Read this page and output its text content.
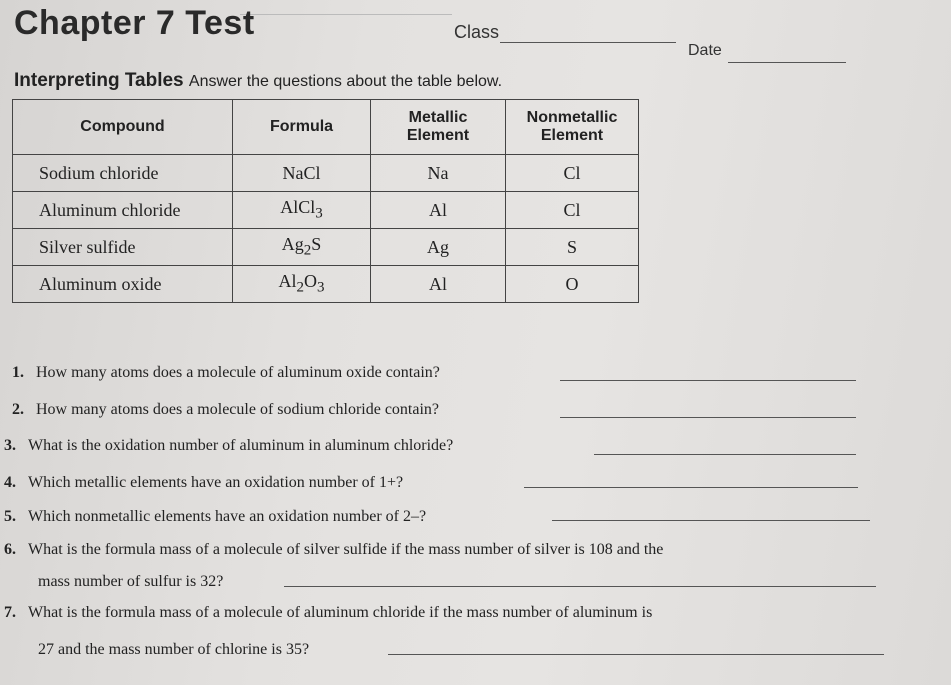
Chapter 7 Test	Class
Date
Interpreting Tables Answer the questions about the table below.
Compound	Formula	Metallic Element	Nonmetallic Element
Sodium chloride	NaCl	Na	Cl
Aluminum chloride	AlCl$_3$	Al	Cl
Silver sulfide	$Ag_2S$	Ag	S
Aluminum oxide	$Al_2O_3$	Al	O
1. How many atoms does a molecule of aluminum oxide contain?
2. How many atoms does a molecule of sodium chloride contain?
3. What is the oxidation number of aluminum in aluminum chloride?
4. Which metallic elements have an oxidation number of 1+?
5. Which nonmetallic elements have an oxidation number of 2–?
6. What is the formula mass of a molecule of silver sulfide if the mass number of silver is 108 and the
mass number of sulfur is 32?
7. What is the formula mass of a molecule of aluminum chloride if the mass number of aluminum is
27 and the mass number of chlorine is 35?
